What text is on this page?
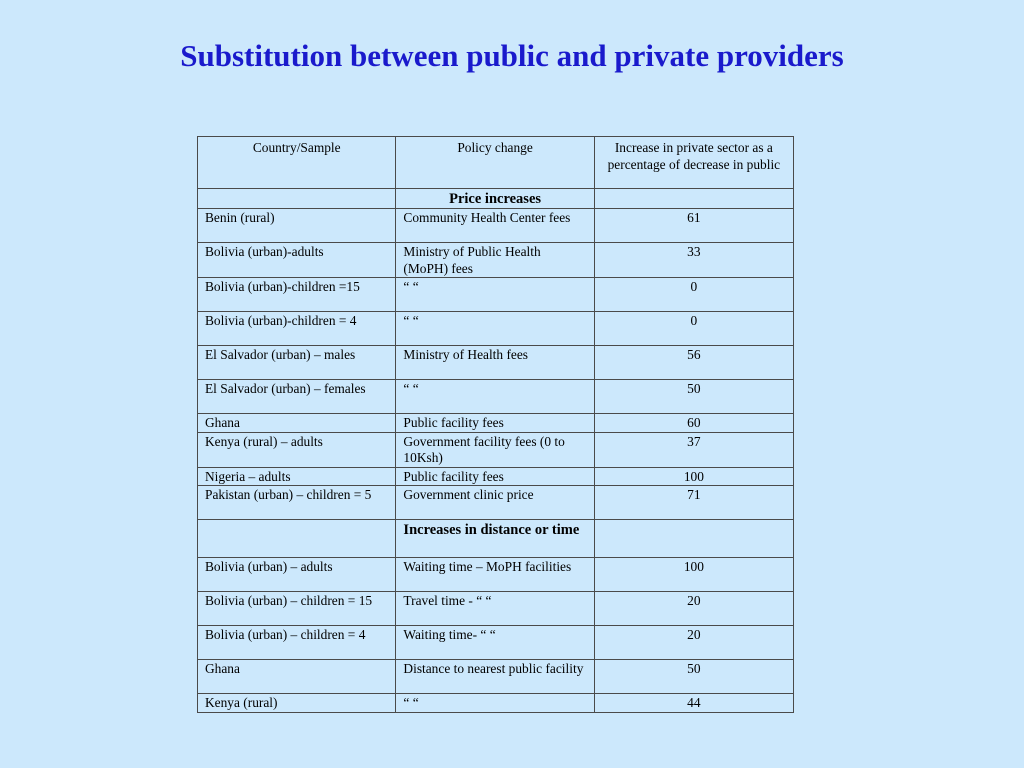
Substitution between public and private providers
Country/Sample	Policy change	Increase in private sector as a percentage of decrease in public

	Price increases	

Benin (rural)	Community Health Center fees	61
Bolivia (urban)-adults	Ministry of Public Health (MoPH) fees	33
Bolivia (urban)-children =15	“ “	0
Bolivia (urban)-children = 4	“ “	0
El Salvador (urban) – males	Ministry of Health fees	56
El Salvador (urban) – females	“ “	50
Ghana	Public facility fees	60
Kenya (rural) – adults	Government facility fees (0 to 10Ksh)	37
Nigeria – adults	Public facility fees	100
Pakistan (urban) – children = 5	Government clinic price	71
	Increases in distance or time	
Bolivia (urban) – adults	Waiting time – MoPH facilities	100
Bolivia (urban) – children = 15	Travel time - “ “	20
Bolivia (urban) – children = 4	Waiting time- “ “	20
Ghana	Distance to nearest public facility	50
Kenya (rural)	“ “	44
